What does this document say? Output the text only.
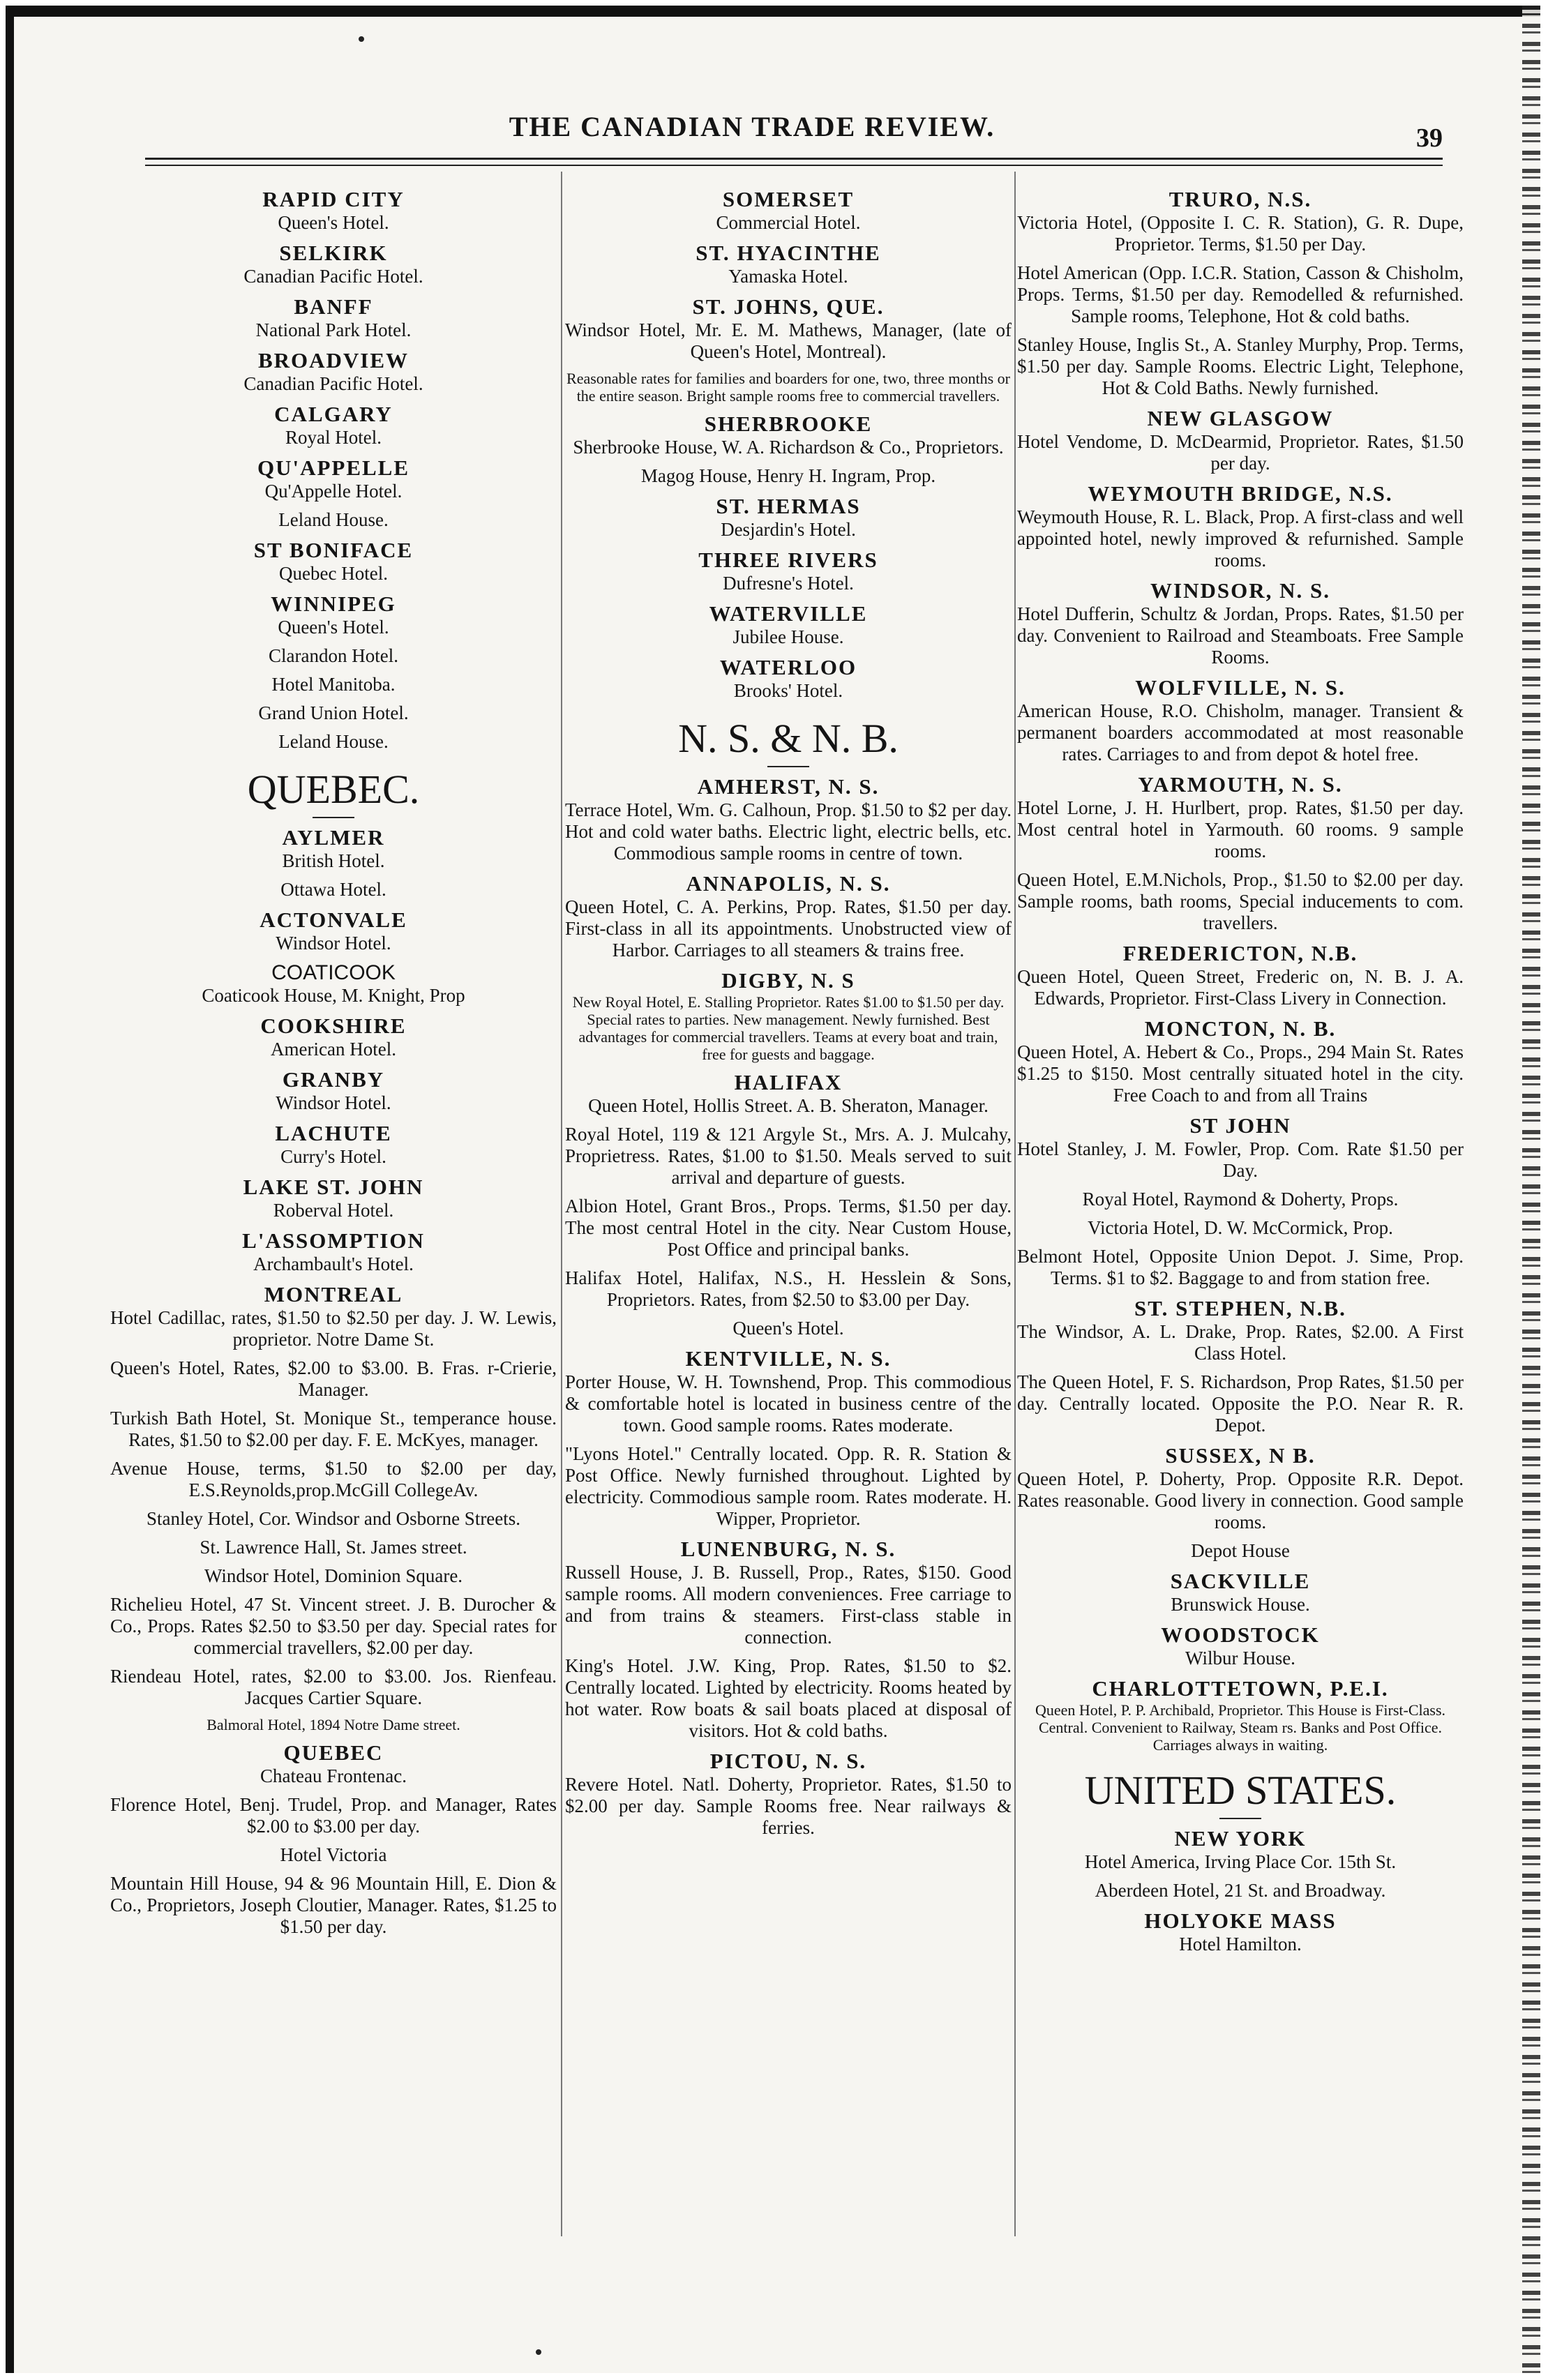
THE CANADIAN TRADE REVIEW.	39
RAPID CITY
Queen's Hotel.
SELKIRK
Canadian Pacific Hotel.
BANFF
National Park Hotel.
BROADVIEW
Canadian Pacific Hotel.
CALGARY
Royal Hotel.
QU'APPELLE
Qu'Appelle Hotel.
Leland House.
ST BONIFACE
Quebec Hotel.
WINNIPEG
Queen's Hotel.
Clarandon Hotel.
Hotel Manitoba.
Grand Union Hotel.
Leland House.
QUEBEC.
AYLMER
British Hotel.
Ottawa Hotel.
ACTONVALE
Windsor Hotel.
COATICOOK
Coaticook House, M. Knight, Prop
COOKSHIRE
American Hotel.
GRANBY
Windsor Hotel.
LACHUTE
Curry's Hotel.
LAKE ST. JOHN
Roberval Hotel.
L'ASSOMPTION
Archambault's Hotel.
MONTREAL
Hotel Cadillac, rates, $1.50 to $2.50 per day. J. W. Lewis, proprietor. Notre Dame St.
Queen's Hotel, Rates, $2.00 to $3.00. B. Fras. r-Crierie, Manager.
Turkish Bath Hotel, St. Monique St., temperance house. Rates, $1.50 to $2.00 per day. F. E. McKyes, manager.
Avenue House, terms, $1.50 to $2.00 per day, E.S.Reynolds,prop.McGill CollegeAv.
Stanley Hotel, Cor. Windsor and Osborne Streets.
St. Lawrence Hall, St. James street.
Windsor Hotel, Dominion Square.
Richelieu Hotel, 47 St. Vincent street. J. B. Durocher & Co., Props. Rates $2.50 to $3.50 per day. Special rates for commercial travellers, $2.00 per day.
Riendeau Hotel, rates, $2.00 to $3.00. Jos. Rienfeau. Jacques Cartier Square.
Balmoral Hotel, 1894 Notre Dame street.
QUEBEC
Chateau Frontenac.
Florence Hotel, Benj. Trudel, Prop. and Manager, Rates $2.00 to $3.00 per day.
Hotel Victoria
Mountain Hill House, 94 & 96 Mountain Hill, E. Dion & Co., Proprietors, Joseph Cloutier, Manager. Rates, $1.25 to $1.50 per day.
SOMERSET
Commercial Hotel.
ST. HYACINTHE
Yamaska Hotel.
ST. JOHNS, QUE.
Windsor Hotel, Mr. E. M. Mathews, Manager, (late of Queen's Hotel, Montreal).
Reasonable rates for families and boarders for one, two, three months or the entire season. Bright sample rooms free to commercial travellers.
SHERBROOKE
Sherbrooke House, W. A. Richardson & Co., Proprietors.
Magog House, Henry H. Ingram, Prop.
ST. HERMAS
Desjardin's Hotel.
THREE RIVERS
Dufresne's Hotel.
WATERVILLE
Jubilee House.
WATERLOO
Brooks' Hotel.
N. S. & N. B.
AMHERST, N. S.
Terrace Hotel, Wm. G. Calhoun, Prop. $1.50 to $2 per day. Hot and cold water baths. Electric light, electric bells, etc. Commodious sample rooms in centre of town.
ANNAPOLIS, N. S.
Queen Hotel, C. A. Perkins, Prop. Rates, $1.50 per day. First-class in all its appointments. Unobstructed view of Harbor. Carriages to all steamers & trains free.
DIGBY, N. S
New Royal Hotel, E. Stalling Proprietor. Rates $1.00 to $1.50 per day. Special rates to parties. New management. Newly furnished. Best advantages for commercial travellers. Teams at every boat and train, free for guests and baggage.
HALIFAX
Queen Hotel, Hollis Street. A. B. Sheraton, Manager.
Royal Hotel, 119 & 121 Argyle St., Mrs. A. J. Mulcahy, Proprietress. Rates, $1.00 to $1.50. Meals served to suit arrival and departure of guests.
Albion Hotel, Grant Bros., Props. Terms, $1.50 per day. The most central Hotel in the city. Near Custom House, Post Office and principal banks.
Halifax Hotel, Halifax, N.S., H. Hesslein & Sons, Proprietors. Rates, from $2.50 to $3.00 per Day.
Queen's Hotel.
KENTVILLE, N. S.
Porter House, W. H. Townshend, Prop. This commodious & comfortable hotel is located in business centre of the town. Good sample rooms. Rates moderate.
"Lyons Hotel." Centrally located. Opp. R. R. Station & Post Office. Newly furnished throughout. Lighted by electricity. Commodious sample room. Rates moderate. H. Wipper, Proprietor.
LUNENBURG, N. S.
Russell House, J. B. Russell, Prop., Rates, $150. Good sample rooms. All modern conveniences. Free carriage to and from trains & steamers. First-class stable in connection.
King's Hotel. J.W. King, Prop. Rates, $1.50 to $2. Centrally located. Lighted by electricity. Rooms heated by hot water. Row boats & sail boats placed at disposal of visitors. Hot & cold baths.
PICTOU, N. S.
Revere Hotel. Natl. Doherty, Proprietor. Rates, $1.50 to $2.00 per day. Sample Rooms free. Near railways & ferries.
TRURO, N.S.
Victoria Hotel, (Opposite I. C. R. Station), G. R. Dupe, Proprietor. Terms, $1.50 per Day.
Hotel American (Opp. I.C.R. Station, Casson & Chisholm, Props. Terms, $1.50 per day. Remodelled & refurnished. Sample rooms, Telephone, Hot & cold baths.
Stanley House, Inglis St., A. Stanley Murphy, Prop. Terms, $1.50 per day. Sample Rooms. Electric Light, Telephone, Hot & Cold Baths. Newly furnished.
NEW GLASGOW
Hotel Vendome, D. McDearmid, Proprietor. Rates, $1.50 per day.
WEYMOUTH BRIDGE, N.S.
Weymouth House, R. L. Black, Prop. A first-class and well appointed hotel, newly improved & refurnished. Sample rooms.
WINDSOR, N. S.
Hotel Dufferin, Schultz & Jordan, Props. Rates, $1.50 per day. Convenient to Railroad and Steamboats. Free Sample Rooms.
WOLFVILLE, N. S.
American House, R.O. Chisholm, manager. Transient & permanent boarders accommodated at most reasonable rates. Carriages to and from depot & hotel free.
YARMOUTH, N. S.
Hotel Lorne, J. H. Hurlbert, prop. Rates, $1.50 per day. Most central hotel in Yarmouth. 60 rooms. 9 sample rooms.
Queen Hotel, E.M.Nichols, Prop., $1.50 to $2.00 per day. Sample rooms, bath rooms, Special inducements to com. travellers.
FREDERICTON, N.B.
Queen Hotel, Queen Street, Frederic on, N. B. J. A. Edwards, Proprietor. First-Class Livery in Connection.
MONCTON, N. B.
Queen Hotel, A. Hebert & Co., Props., 294 Main St. Rates $1.25 to $150. Most centrally situated hotel in the city. Free Coach to and from all Trains
ST JOHN
Hotel Stanley, J. M. Fowler, Prop. Com. Rate $1.50 per Day.
Royal Hotel, Raymond & Doherty, Props.
Victoria Hotel, D. W. McCormick, Prop.
Belmont Hotel, Opposite Union Depot. J. Sime, Prop. Terms. $1 to $2. Baggage to and from station free.
ST. STEPHEN, N.B.
The Windsor, A. L. Drake, Prop. Rates, $2.00. A First Class Hotel.
The Queen Hotel, F. S. Richardson, Prop Rates, $1.50 per day. Centrally located. Opposite the P.O. Near R. R. Depot.
SUSSEX, N B.
Queen Hotel, P. Doherty, Prop. Opposite R.R. Depot. Rates reasonable. Good livery in connection. Good sample rooms.
Depot House
SACKVILLE
Brunswick House.
WOODSTOCK
Wilbur House.
CHARLOTTETOWN, P.E.I.
Queen Hotel, P. P. Archibald, Proprietor. This House is First-Class. Central. Convenient to Railway, Steam rs. Banks and Post Office. Carriages always in waiting.
UNITED STATES.
NEW YORK
Hotel America, Irving Place Cor. 15th St.
Aberdeen Hotel, 21 St. and Broadway.
HOLYOKE MASS
Hotel Hamilton.
